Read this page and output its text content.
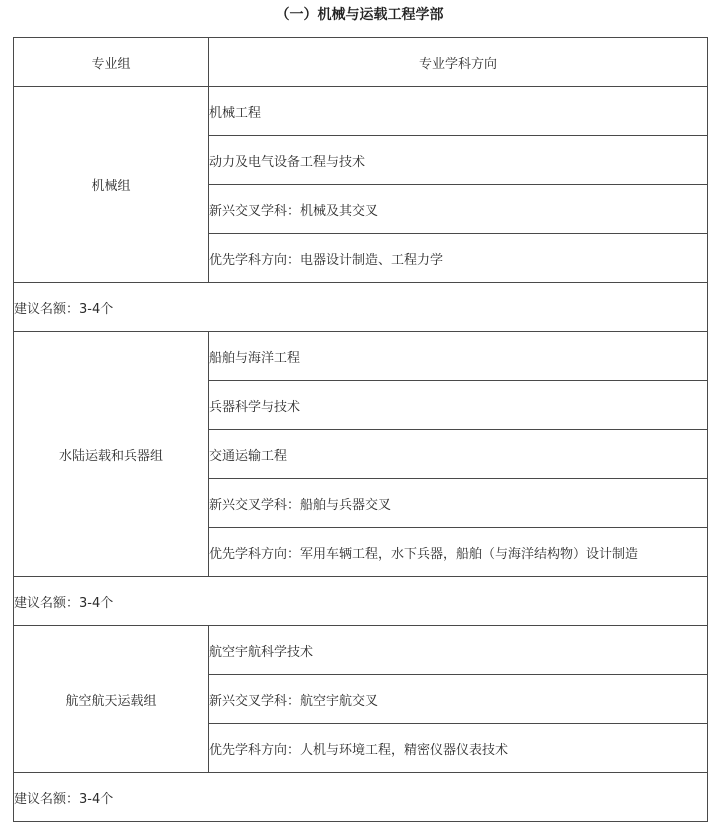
（一）机械与运载工程学部
专业组	专业学科方向
机械组	机械工程
	动力及电气设备工程与技术
	新兴交叉学科：机械及其交叉
	优先学科方向：电器设计制造、工程力学
建议名额：3-4个	
水陆运载和兵器组	船舶与海洋工程
	兵器科学与技术
	交通运输工程
	新兴交叉学科：船舶与兵器交叉
	优先学科方向：军用车辆工程，水下兵器，船舶（与海洋结构物）设计制造
建议名额：3-4个	
航空航天运载组	航空宇航科学技术
	新兴交叉学科：航空宇航交叉
	优先学科方向：人机与环境工程，精密仪器仪表技术
建议名额：3-4个	
